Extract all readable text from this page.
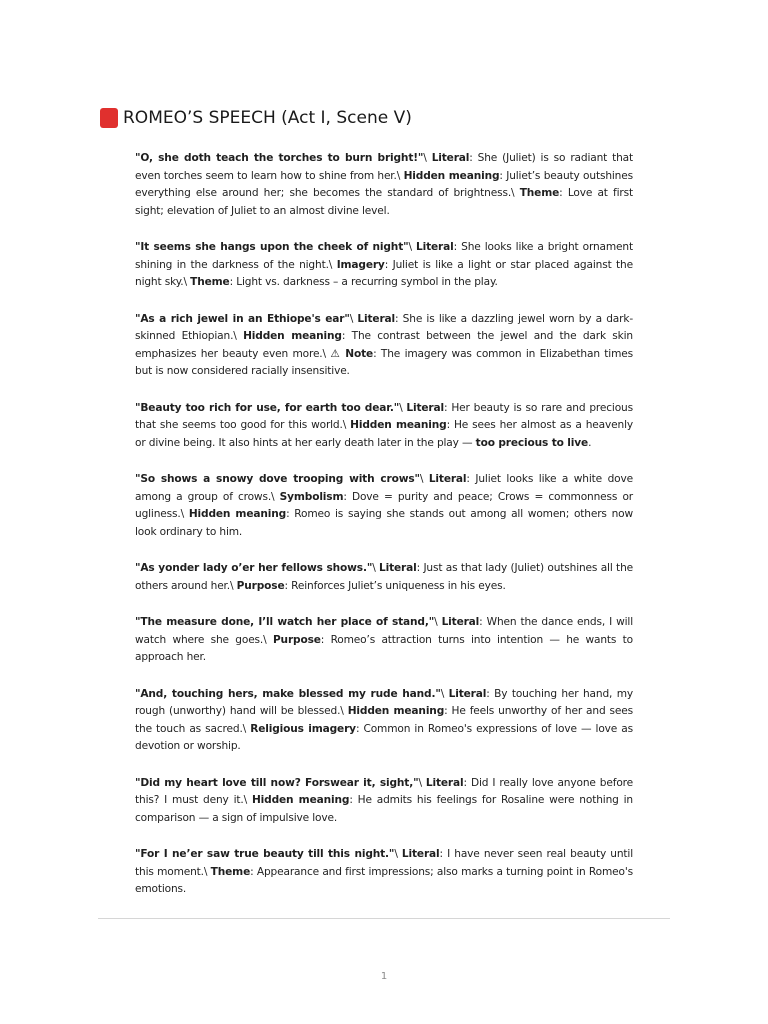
ROMEO’S SPEECH (Act I, Scene V)

"O, she doth teach the torches to burn bright!"\ Literal: She (Juliet) is so radiant that even torches seem to learn how to shine from her.\ Hidden meaning: Juliet’s beauty outshines everything else around her; she becomes the standard of brightness.\ Theme: Love at first sight; elevation of Juliet to an almost divine level.

"It seems she hangs upon the cheek of night"\ Literal: She looks like a bright ornament shining in the darkness of the night.\ Imagery: Juliet is like a light or star placed against the night sky.\ Theme: Light vs. darkness – a recurring symbol in the play.

"As a rich jewel in an Ethiope's ear"\ Literal: She is like a dazzling jewel worn by a dark-skinned Ethiopian.\ Hidden meaning: The contrast between the jewel and the dark skin emphasizes her beauty even more.\ ⚠ Note: The imagery was common in Elizabethan times but is now considered racially insensitive.

"Beauty too rich for use, for earth too dear."\ Literal: Her beauty is so rare and precious that she seems too good for this world.\ Hidden meaning: He sees her almost as a heavenly or divine being. It also hints at her early death later in the play — too precious to live.

"So shows a snowy dove trooping with crows"\ Literal: Juliet looks like a white dove among a group of crows.\ Symbolism: Dove = purity and peace; Crows = commonness or ugliness.\ Hidden meaning: Romeo is saying she stands out among all women; others now look ordinary to him.

"As yonder lady o’er her fellows shows."\ Literal: Just as that lady (Juliet) outshines all the others around her.\ Purpose: Reinforces Juliet’s uniqueness in his eyes.

"The measure done, I’ll watch her place of stand,"\ Literal: When the dance ends, I will watch where she goes.\ Purpose: Romeo’s attraction turns into intention — he wants to approach her.

"And, touching hers, make blessed my rude hand."\ Literal: By touching her hand, my rough (unworthy) hand will be blessed.\ Hidden meaning: He feels unworthy of her and sees the touch as sacred.\ Religious imagery: Common in Romeo's expressions of love — love as devotion or worship.

"Did my heart love till now? Forswear it, sight,"\ Literal: Did I really love anyone before this? I must deny it.\ Hidden meaning: He admits his feelings for Rosaline were nothing in comparison — a sign of impulsive love.

"For I ne’er saw true beauty till this night."\ Literal: I have never seen real beauty until this moment.\ Theme: Appearance and first impressions; also marks a turning point in Romeo's emotions.

1
